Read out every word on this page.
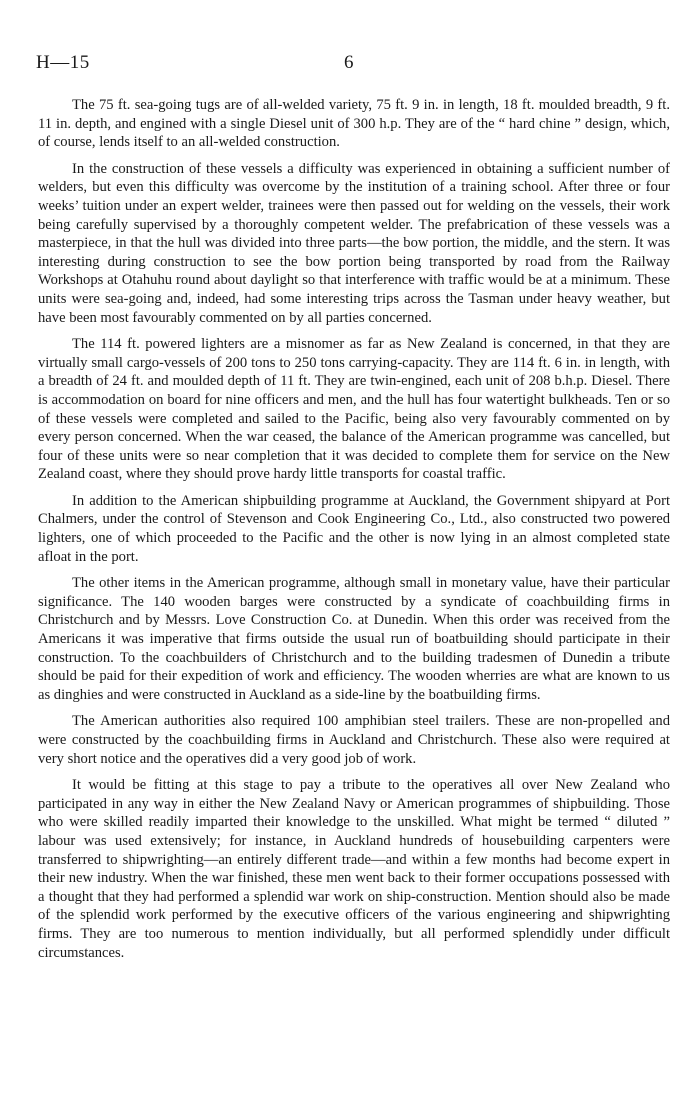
H—15	6

The 75 ft. sea-going tugs are of all-welded variety, 75 ft. 9 in. in length, 18 ft. moulded breadth, 9 ft. 11 in. depth, and engined with a single Diesel unit of 300 h.p. They are of the “ hard chine ” design, which, of course, lends itself to an all-welded construction.

In the construction of these vessels a difficulty was experienced in obtaining a sufficient number of welders, but even this difficulty was overcome by the institution of a training school. After three or four weeks’ tuition under an expert welder, trainees were then passed out for welding on the vessels, their work being carefully supervised by a thoroughly competent welder. The prefabrication of these vessels was a masterpiece, in that the hull was divided into three parts—the bow portion, the middle, and the stern. It was interesting during construction to see the bow portion being transported by road from the Railway Workshops at Otahuhu round about daylight so that interference with traffic would be at a minimum. These units were sea-going and, indeed, had some interesting trips across the Tasman under heavy weather, but have been most favourably commented on by all parties concerned.

The 114 ft. powered lighters are a misnomer as far as New Zealand is concerned, in that they are virtually small cargo-vessels of 200 tons to 250 tons carrying-capacity. They are 114 ft. 6 in. in length, with a breadth of 24 ft. and moulded depth of 11 ft. They are twin-engined, each unit of 208 b.h.p. Diesel. There is accommodation on board for nine officers and men, and the hull has four watertight bulkheads. Ten or so of these vessels were completed and sailed to the Pacific, being also very favourably commented on by every person concerned. When the war ceased, the balance of the American programme was cancelled, but four of these units were so near completion that it was decided to complete them for service on the New Zealand coast, where they should prove hardy little transports for coastal traffic.

In addition to the American shipbuilding programme at Auckland, the Government shipyard at Port Chalmers, under the control of Stevenson and Cook Engineering Co., Ltd., also constructed two powered lighters, one of which proceeded to the Pacific and the other is now lying in an almost completed state afloat in the port.

The other items in the American programme, although small in monetary value, have their particular significance. The 140 wooden barges were constructed by a syndicate of coachbuilding firms in Christchurch and by Messrs. Love Construction Co. at Dunedin. When this order was received from the Americans it was imperative that firms outside the usual run of boatbuilding should participate in their construction. To the coachbuilders of Christchurch and to the building tradesmen of Dunedin a tribute should be paid for their expedition of work and efficiency. The wooden wherries are what are known to us as dinghies and were constructed in Auckland as a side-line by the boatbuilding firms.

The American authorities also required 100 amphibian steel trailers. These are non-propelled and were constructed by the coachbuilding firms in Auckland and Christchurch. These also were required at very short notice and the operatives did a very good job of work.

It would be fitting at this stage to pay a tribute to the operatives all over New Zealand who participated in any way in either the New Zealand Navy or American programmes of shipbuilding. Those who were skilled readily imparted their knowledge to the unskilled. What might be termed “ diluted ” labour was used extensively; for instance, in Auckland hundreds of housebuilding carpenters were transferred to shipwrighting—an entirely different trade—and within a few months had become expert in their new industry. When the war finished, these men went back to their former occupations possessed with a thought that they had performed a splendid war work on ship-construction. Mention should also be made of the splendid work performed by the executive officers of the various engineering and shipwrighting firms. They are too numerous to mention individually, but all performed splendidly under difficult circumstances.
